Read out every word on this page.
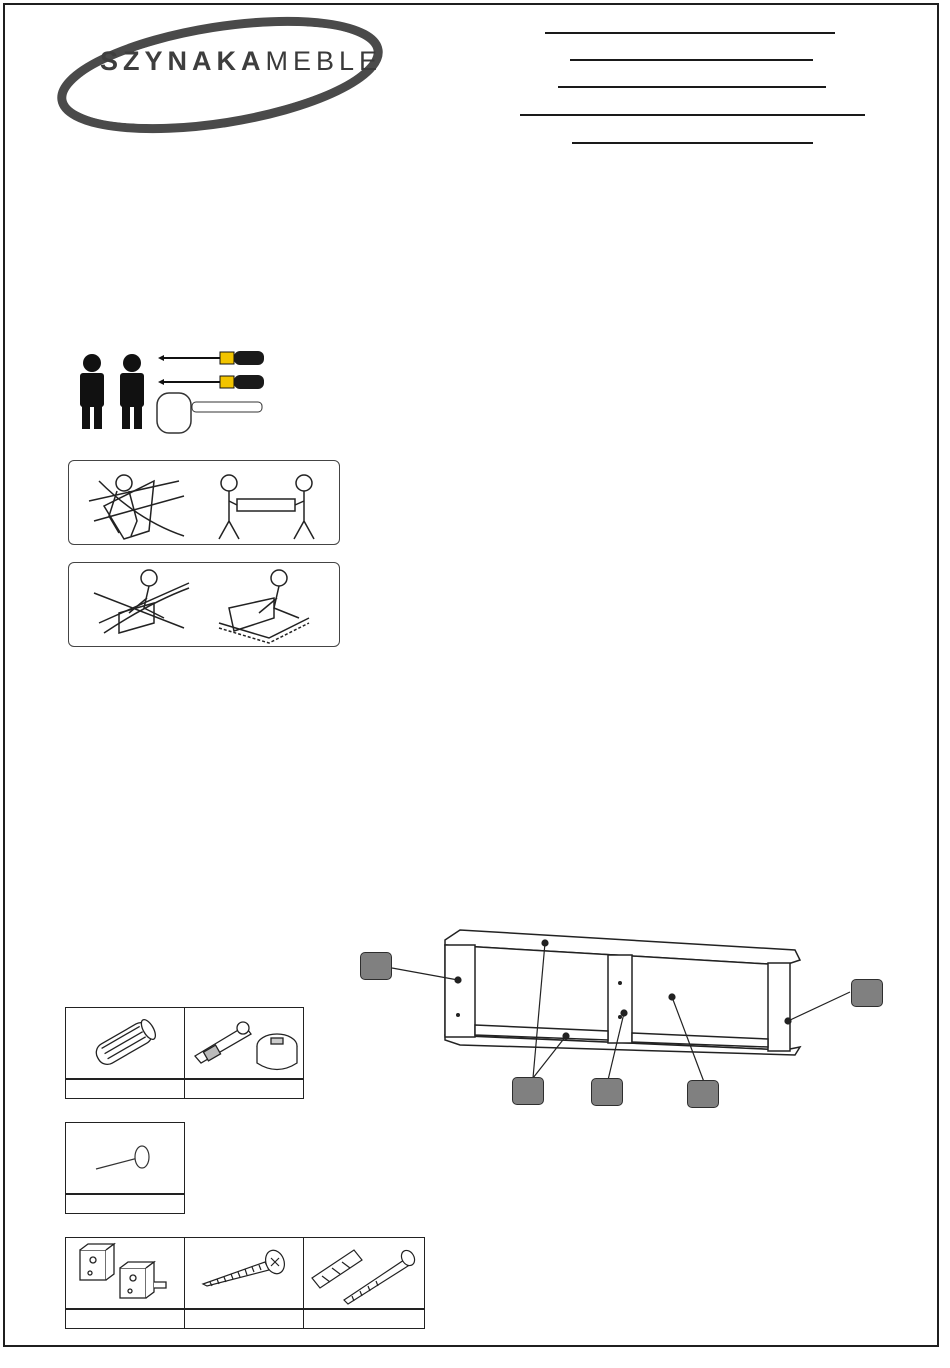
SZYNAKAMEBLE
